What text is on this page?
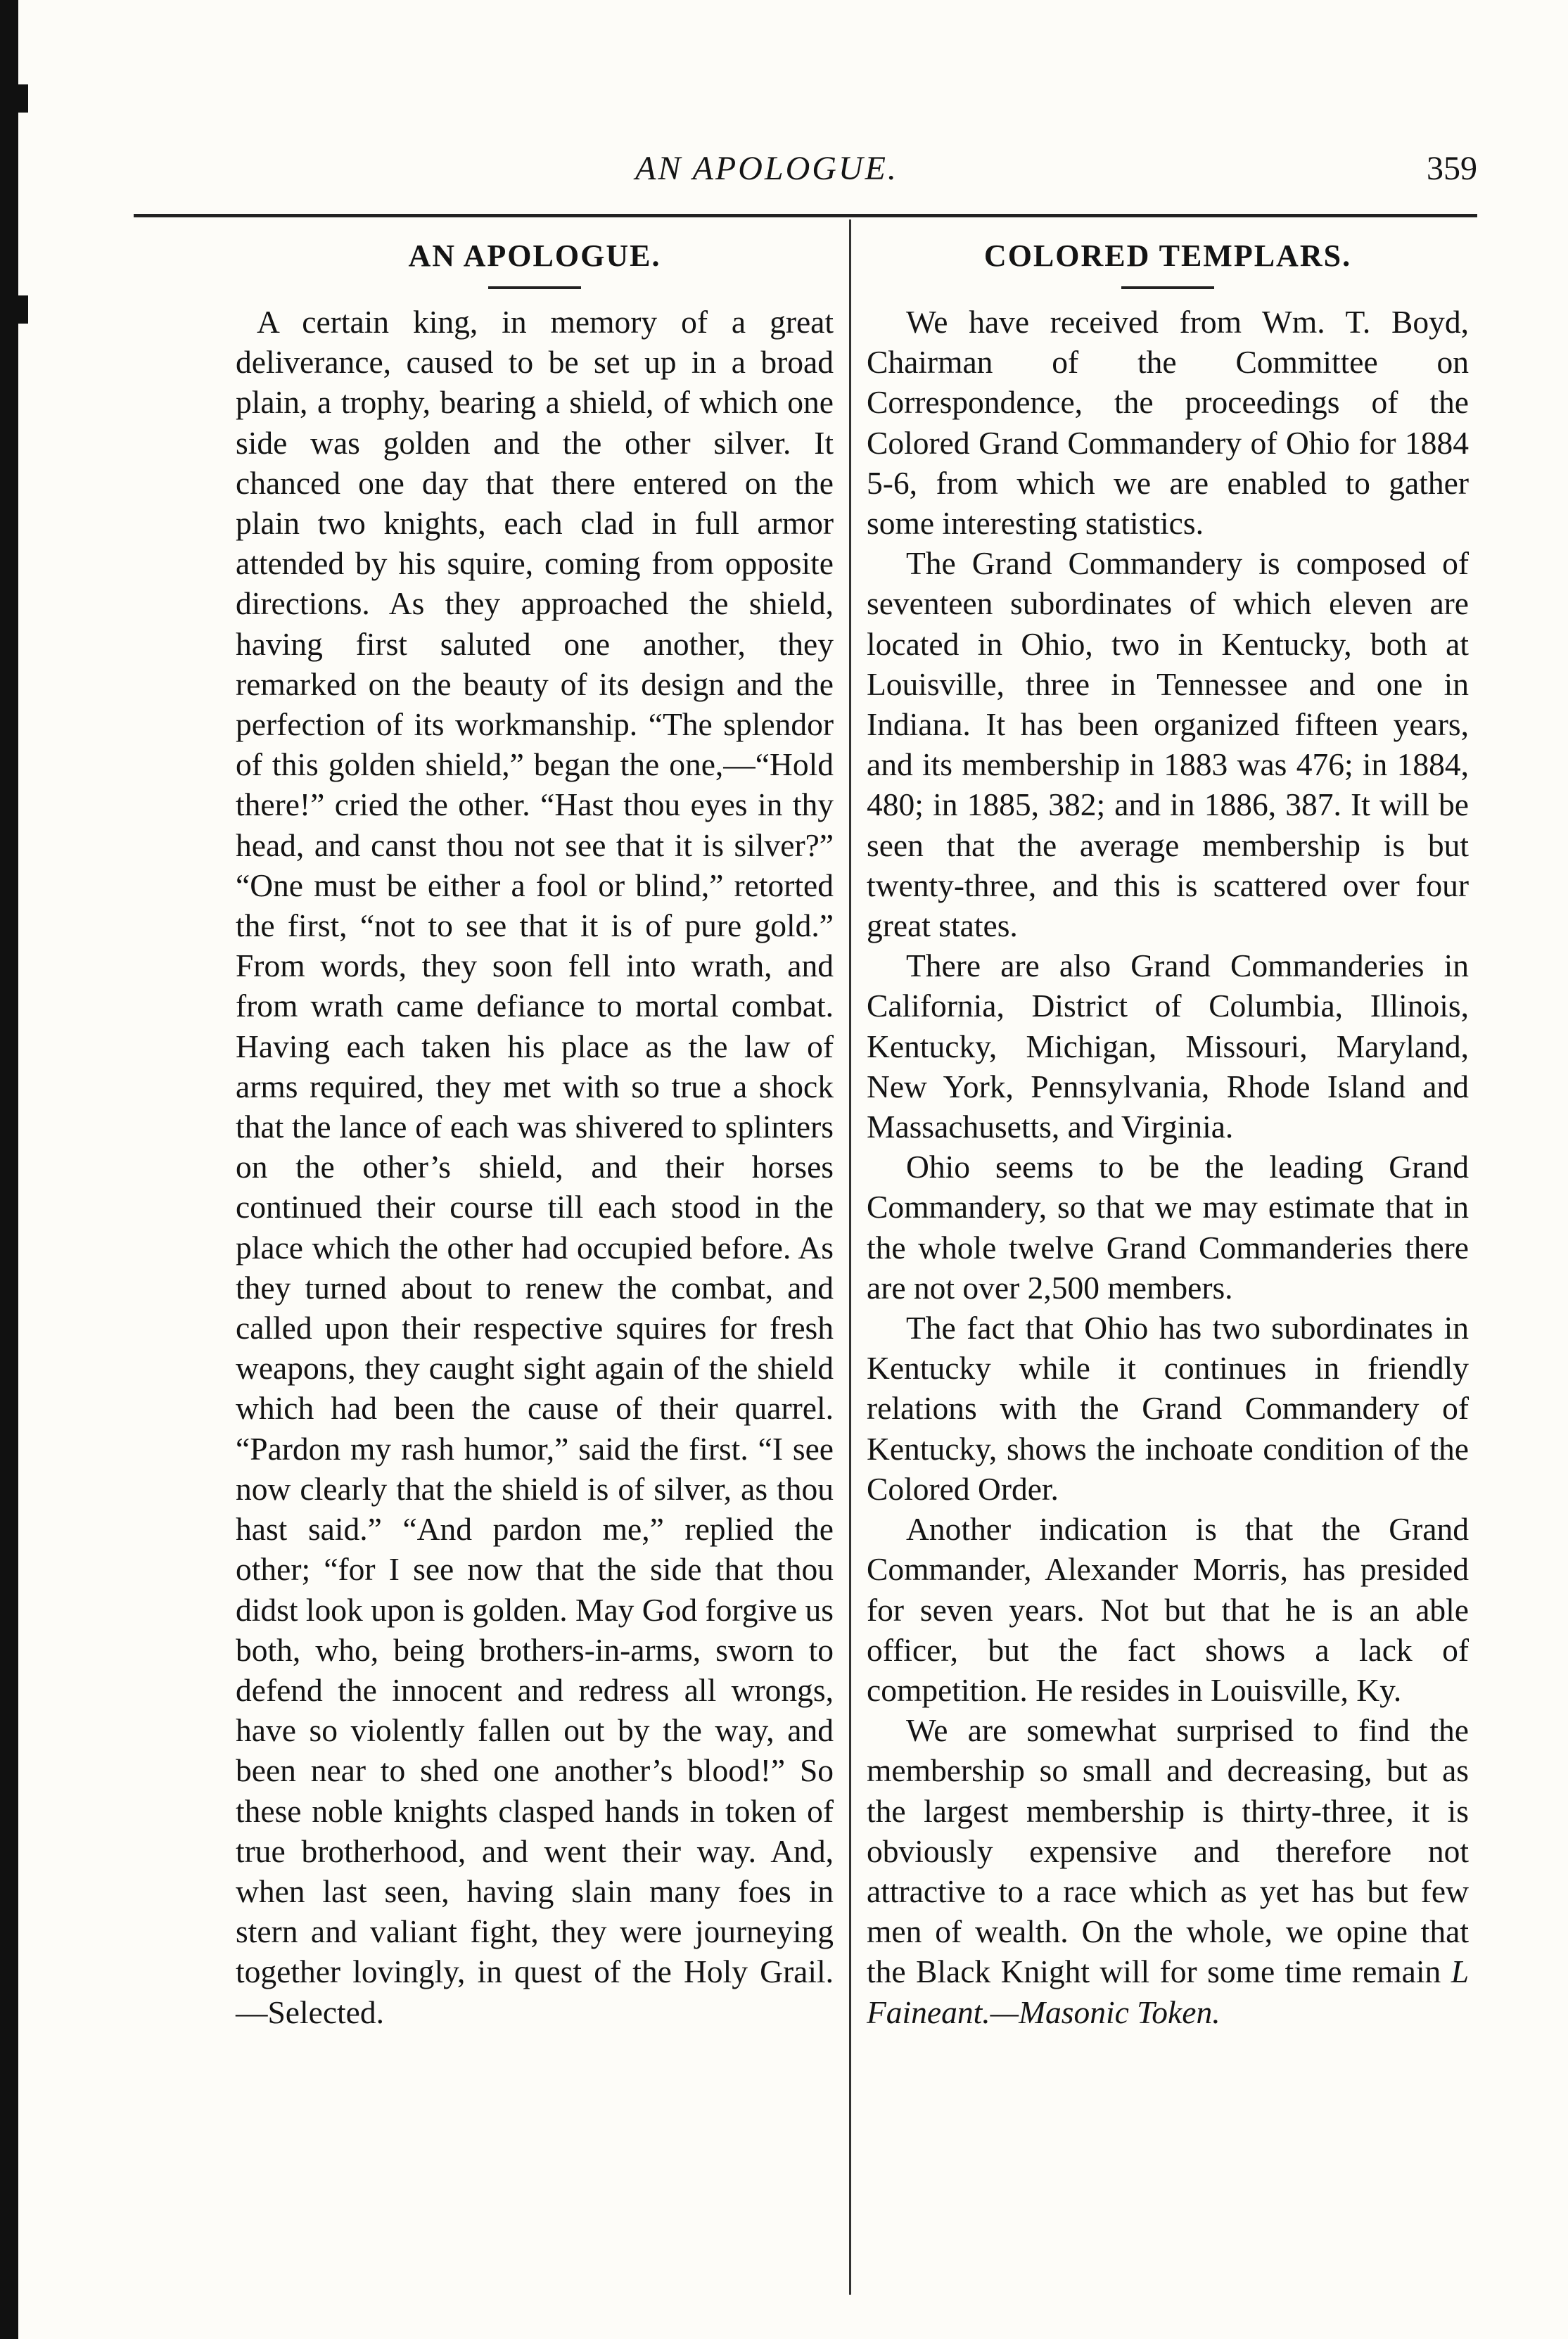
AN APOLOGUE.	359
AN APOLOGUE.

A certain king, in memory of a great deliverance, caused to be set up in a broad plain, a trophy, bearing a shield, of which one side was golden and the other silver. It chanced one day that there entered on the plain two knights, each clad in full armor attended by his squire, coming from opposite directions. As they approached the shield, having first saluted one another, they remarked on the beauty of its design and the perfection of its workmanship. “The splendor of this golden shield,” began the one,—“Hold there!” cried the other. “Hast thou eyes in thy head, and canst thou not see that it is silver?” “One must be either a fool or blind,” retorted the first, “not to see that it is of pure gold.” From words, they soon fell into wrath, and from wrath came defiance to mortal combat. Having each taken his place as the law of arms required, they met with so true a shock that the lance of each was shivered to splinters on the other’s shield, and their horses continued their course till each stood in the place which the other had occupied before. As they turned about to renew the combat, and called upon their respective squires for fresh weapons, they caught sight again of the shield which had been the cause of their quarrel. “Pardon my rash humor,” said the first. “I see now clearly that the shield is of silver, as thou hast said.” “And pardon me,” replied the other; “for I see now that the side that thou didst look upon is golden. May God forgive us both, who, being brothers-in-arms, sworn to defend the innocent and redress all wrongs, have so violently fallen out by the way, and been near to shed one another’s blood!” So these noble knights clasped hands in token of true brotherhood, and went their way. And, when last seen, having slain many foes in stern and valiant fight, they were journeying together lovingly, in quest of the Holy Grail.—Selected.

COLORED TEMPLARS.

We have received from Wm. T. Boyd, Chairman of the Committee on Correspondence, the proceedings of the Colored Grand Commandery of Ohio for 1884 5-6, from which we are enabled to gather some interesting statistics.

The Grand Commandery is composed of seventeen subordinates of which eleven are located in Ohio, two in Kentucky, both at Louisville, three in Tennessee and one in Indiana. It has been organized fifteen years, and its membership in 1883 was 476; in 1884, 480; in 1885, 382; and in 1886, 387. It will be seen that the average membership is but twenty-three, and this is scattered over four great states.

There are also Grand Commanderies in California, District of Columbia, Illinois, Kentucky, Michigan, Missouri, Maryland, New York, Pennsylvania, Rhode Island and Massachusetts, and Virginia.

Ohio seems to be the leading Grand Commandery, so that we may estimate that in the whole twelve Grand Commanderies there are not over 2,500 members.

The fact that Ohio has two subordinates in Kentucky while it continues in friendly relations with the Grand Commandery of Kentucky, shows the inchoate condition of the Colored Order.

Another indication is that the Grand Commander, Alexander Morris, has presided for seven years. Not but that he is an able officer, but the fact shows a lack of competition. He resides in Louisville, Ky.

We are somewhat surprised to find the membership so small and decreasing, but as the largest membership is thirty-three, it is obviously expensive and therefore not attractive to a race which as yet has but few men of wealth. On the whole, we opine that the Black Knight will for some time remain L Faineant.—Masonic Token.
